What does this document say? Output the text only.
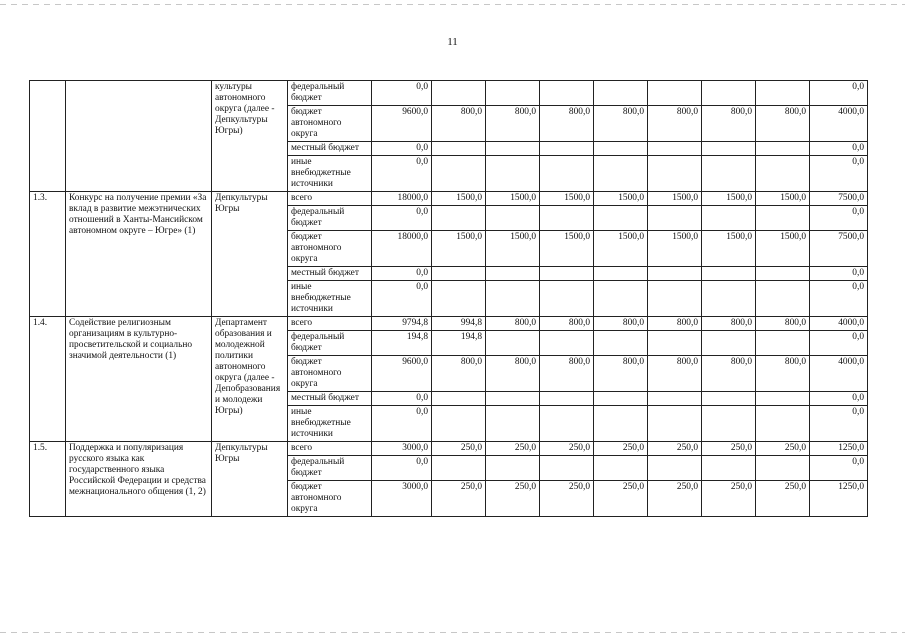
11
		культуры автономного округа (далее - Депкультуры Югры)	федеральный бюджет	0,0								0,0
			бюджет автономного округа	9600,0	800,0	800,0	800,0	800,0	800,0	800,0	800,0	4000,0
			местный бюджет	0,0								0,0
			иные внебюджетные источники	0,0								0,0
1.3.	Конкурс на получение премии «За вклад в развитие межэтнических отношений в Ханты-Мансийском автономном округе – Югре» (1)	Депкультуры Югры	всего	18000,0	1500,0	1500,0	1500,0	1500,0	1500,0	1500,0	1500,0	7500,0
			федеральный бюджет	0,0								0,0
			бюджет автономного округа	18000,0	1500,0	1500,0	1500,0	1500,0	1500,0	1500,0	1500,0	7500,0
			местный бюджет	0,0								0,0
			иные внебюджетные источники	0,0								0,0
1.4.	Содействие религиозным организациям в культурно-просветительской и социально значимой деятельности (1)	Департамент образования и молодежной политики автономного округа (далее - Депобразования и молодежи Югры)	всего	9794,8	994,8	800,0	800,0	800,0	800,0	800,0	800,0	4000,0
			федеральный бюджет	194,8	194,8							0,0
			бюджет автономного округа	9600,0	800,0	800,0	800,0	800,0	800,0	800,0	800,0	4000,0
			местный бюджет	0,0								0,0
			иные внебюджетные источники	0,0								0,0
1.5.	Поддержка и популяризация русского языка как государственного языка Российской Федерации и средства межнационального общения (1, 2)	Депкультуры Югры	всего	3000,0	250,0	250,0	250,0	250,0	250,0	250,0	250,0	1250,0
			федеральный бюджет	0,0								0,0
			бюджет автономного округа	3000,0	250,0	250,0	250,0	250,0	250,0	250,0	250,0	1250,0
